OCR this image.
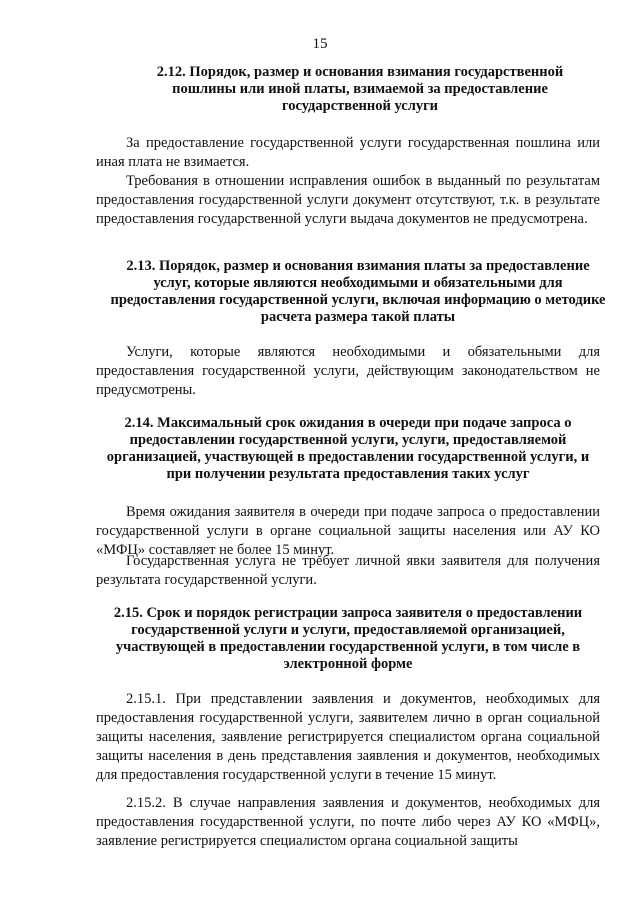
15
2.12. Порядок, размер и основания взимания государственной пошлины или иной платы, взимаемой за предоставление государственной услуги
За предоставление государственной услуги государственная пошлина или иная плата не взимается.
Требования в отношении исправления ошибок в выданный по результатам предоставления государственной услуги документ отсутствуют, т.к. в результате предоставления государственной услуги выдача документов не предусмотрена.
2.13. Порядок, размер и основания взимания платы за предоставление услуг, которые являются необходимыми и обязательными для предоставления государственной услуги, включая информацию о методике расчета размера такой платы
Услуги, которые являются необходимыми и обязательными для предоставления государственной услуги, действующим законодательством не предусмотрены.
2.14. Максимальный срок ожидания в очереди при подаче запроса о предоставлении государственной услуги, услуги, предоставляемой организацией, участвующей в предоставлении государственной услуги, и при получении результата предоставления таких услуг
Время ожидания заявителя в очереди при подаче запроса о предоставлении государственной услуги в органе социальной защиты населения или АУ КО «МФЦ» составляет не более 15 минут.
Государственная услуга не требует личной явки заявителя для получения результата государственной услуги.
2.15. Срок и порядок регистрации запроса заявителя о предоставлении государственной услуги и услуги, предоставляемой организацией, участвующей в предоставлении государственной услуги, в том числе в электронной форме
2.15.1. При представлении заявления и документов, необходимых для предоставления государственной услуги, заявителем лично в орган социальной защиты населения, заявление регистрируется специалистом органа социальной защиты населения в день представления заявления и документов, необходимых для предоставления государственной услуги в течение 15 минут.
2.15.2. В случае направления заявления и документов, необходимых для предоставления государственной услуги, по почте либо через АУ КО «МФЦ», заявление регистрируется специалистом органа социальной защиты
